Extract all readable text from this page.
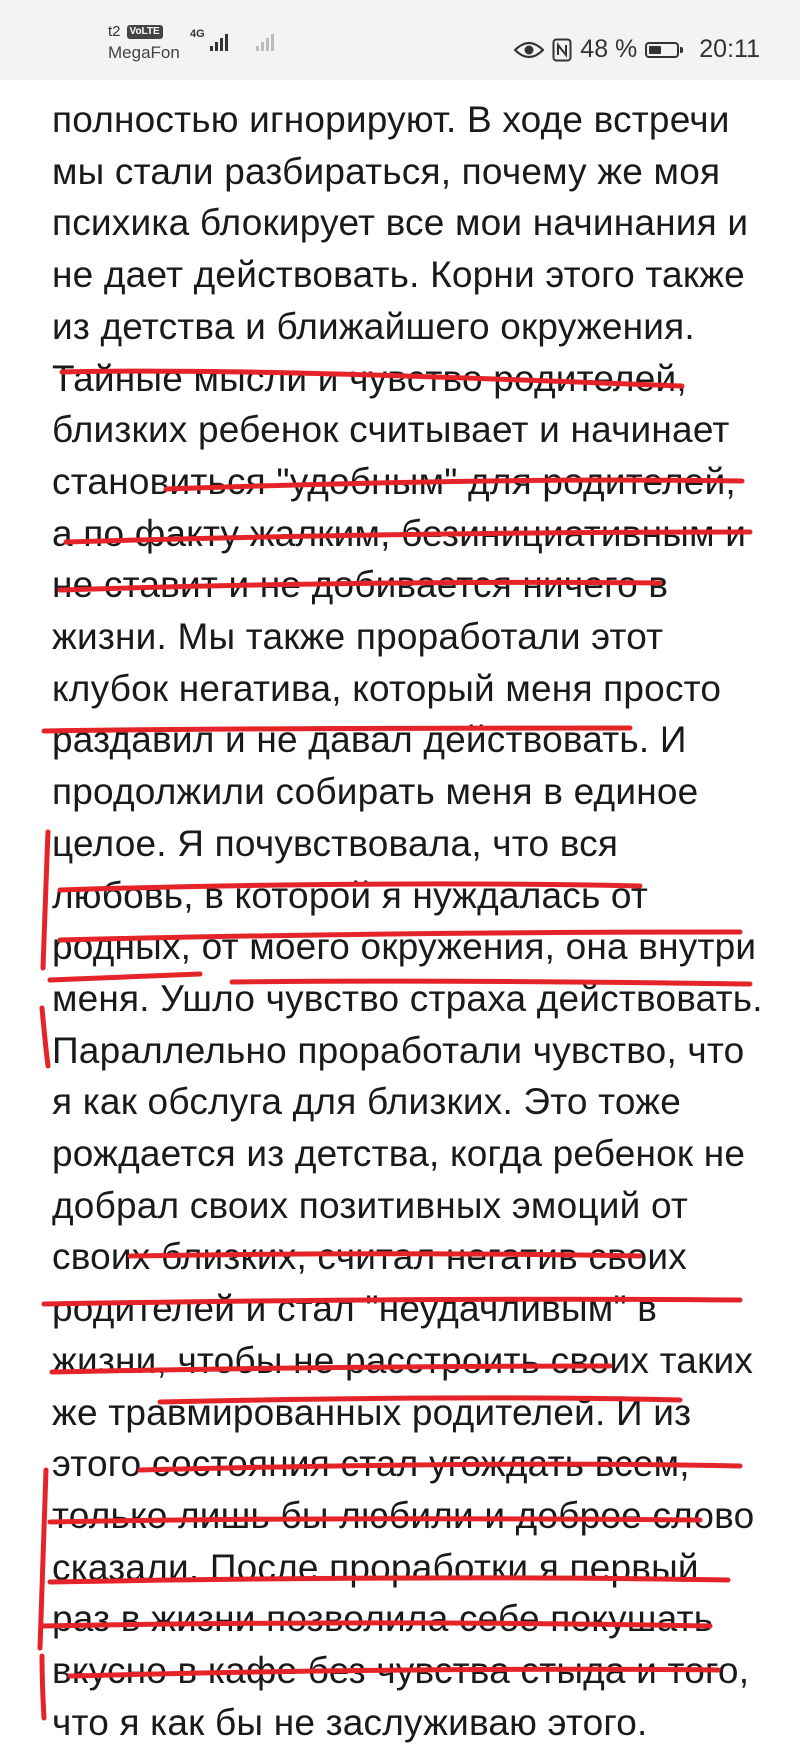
t2 VoLTE
MegaFon
4G
48 % 20:11
полностью игнорируют. В ходе встречи
мы стали разбираться, почему же моя
психика блокирует все мои начинания и
не дает действовать. Корни этого также
из детства и ближайшего окружения.
Тайные мысли и чувство родителей,
близких ребенок считывает и начинает
становиться "удобным" для родителей,
а по факту жалким, безинициативным и
не ставит и не добивается ничего в
жизни. Мы также проработали этот
клубок негатива, который меня просто
раздавил и не давал действовать. И
продолжили собирать меня в единое
целое. Я почувствовала, что вся
любовь, в которой я нуждалась от
родных, от моего окружения, она внутри
меня. Ушло чувство страха действовать.
Параллельно проработали чувство, что
я как обслуга для близких. Это тоже
рождается из детства, когда ребенок не
добрал своих позитивных эмоций от
своих близких, считал негатив своих
родителей и стал "неудачливым" в
жизни, чтобы не расстроить своих таких
же травмированных родителей. И из
этого состояния стал угождать всем,
только лишь бы любили и доброе слово
сказали. После проработки я первый
раз в жизни позволила себе покушать
вкусно в кафе без чувства стыда и того,
что я как бы не заслуживаю этого.
